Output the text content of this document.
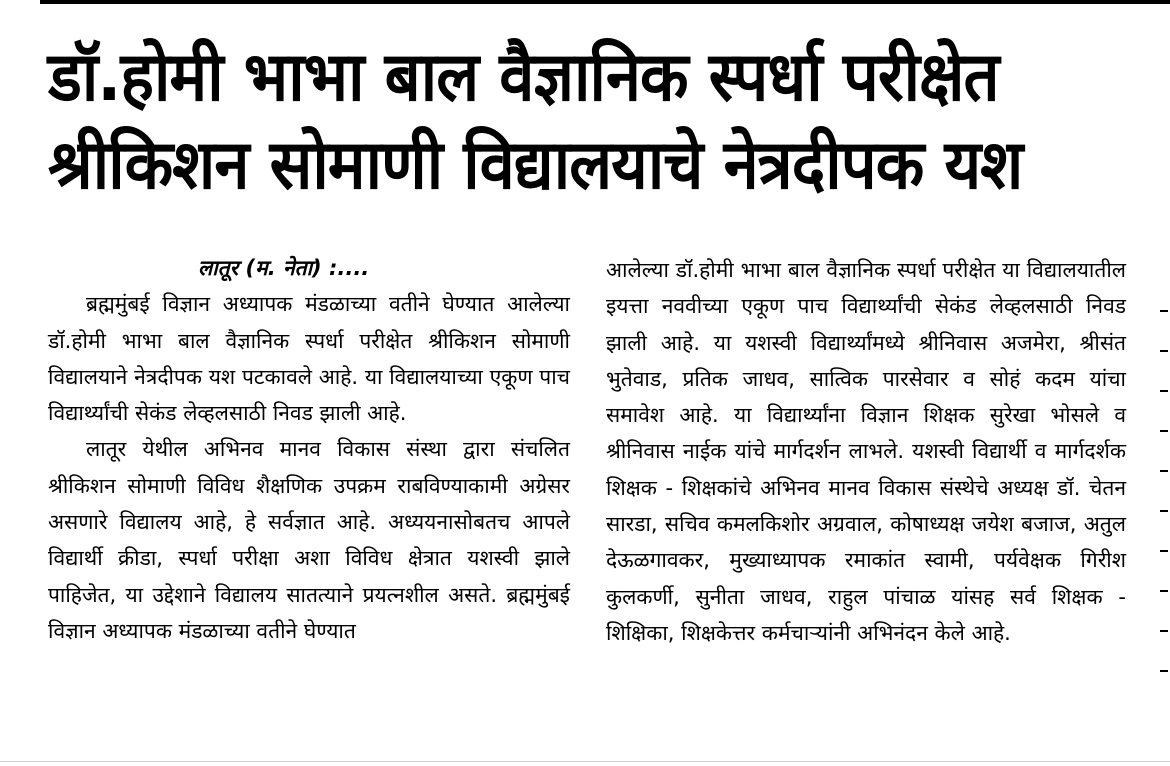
डॉ.होमी भाभा बाल वैज्ञानिक स्पर्धा परीक्षेत
श्रीकिशन सोमाणी विद्यालयाचे नेत्रदीपक यश

लातूर (म. नेता) :....

ब्रह्ममुंबई विज्ञान अध्यापक मंडळाच्या वतीने घेण्यात आलेल्या डॉ.होमी भाभा बाल वैज्ञानिक स्पर्धा परीक्षेत श्रीकिशन सोमाणी विद्यालयाने नेत्रदीपक यश पटकावले आहे. या विद्यालयाच्या एकूण पाच विद्यार्थ्यांची सेकंड लेव्हलसाठी निवड झाली आहे.

लातूर येथील अभिनव मानव विकास संस्था द्वारा संचलित श्रीकिशन सोमाणी विविध शैक्षणिक उपक्रम राबविण्याकामी अग्रेसर असणारे विद्यालय आहे, हे सर्वज्ञात आहे. अध्ययनासोबतच आपले विद्यार्थी क्रीडा, स्पर्धा परीक्षा अशा विविध क्षेत्रात यशस्वी झाले पाहिजेत, या उद्देशाने विद्यालय सातत्याने प्रयत्नशील असते. ब्रह्ममुंबई विज्ञान अध्यापक मंडळाच्या वतीने घेण्यात

आलेल्या डॉ.होमी भाभा बाल वैज्ञानिक स्पर्धा परीक्षेत या विद्यालयातील इयत्ता नववीच्या एकूण पाच विद्यार्थ्यांची सेकंड लेव्हलसाठी निवड झाली आहे. या यशस्वी विद्यार्थ्यांमध्ये श्रीनिवास अजमेरा, श्रीसंत भुतेवाड, प्रतिक जाधव, सात्विक पारसेवार व सोहं कदम यांचा समावेश आहे. या विद्यार्थ्यांना विज्ञान शिक्षक सुरेखा भोसले व श्रीनिवास नाईक यांचे मार्गदर्शन लाभले. यशस्वी विद्यार्थी व मार्गदर्शक शिक्षक - शिक्षकांचे अभिनव मानव विकास संस्थेचे अध्यक्ष डॉ. चेतन सारडा, सचिव कमलकिशोर अग्रवाल, कोषाध्यक्ष जयेश बजाज, अतुल देऊळगावकर, मुख्याध्यापक रमाकांत स्वामी, पर्यवेक्षक गिरीश कुलकर्णी, सुनीता जाधव, राहुल पांचाळ यांसह सर्व शिक्षक - शिक्षिका, शिक्षकेत्तर कर्मचाऱ्यांनी अभिनंदन केले आहे.
